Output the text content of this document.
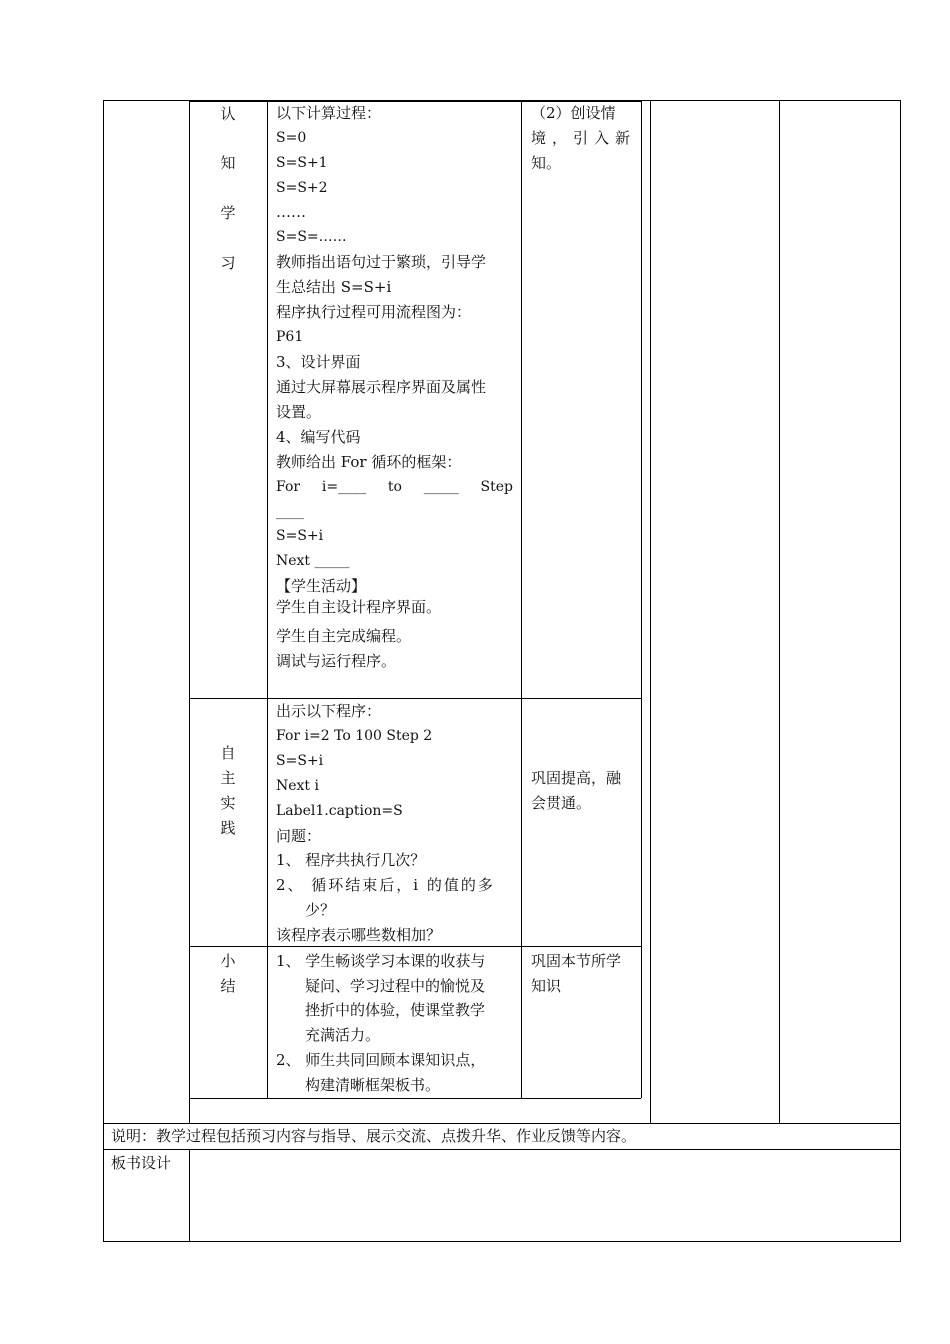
认
知
学
习
以下计算过程：
S=0
S=S+1
S=S+2
……
S=S=……
教师指出语句过于繁琐，引导学
生总结出 S=S+i
程序执行过程可用流程图为：
P61
3、设计界面
通过大屏幕展示程序界面及属性
设置。
4、编写代码
教师给出 For 循环的框架：
For i=____ to _____ Step
____
S=S+i
Next _____
【学生活动】
学生自主设计程序界面。
学生自主完成编程。
调试与运行程序。
（2）创设情
境，引入新
知。
自
主
实
践
出示以下程序：
For i=2 To 100 Step 2
S=S+i
Next i
Label1.caption=S
问题：
1、 程序共执行几次？
2、 循环结束后，i 的值的多
少？
该程序表示哪些数相加？
巩固提高，融
会贯通。
小
结
1、 学生畅谈学习本课的收获与
疑问、学习过程中的愉悦及
挫折中的体验，使课堂教学
充满活力。
2、 师生共同回顾本课知识点，
构建清晰框架板书。
巩固本节所学
知识
说明：教学过程包括预习内容与指导、展示交流、点拨升华、作业反馈等内容。
板书设计
